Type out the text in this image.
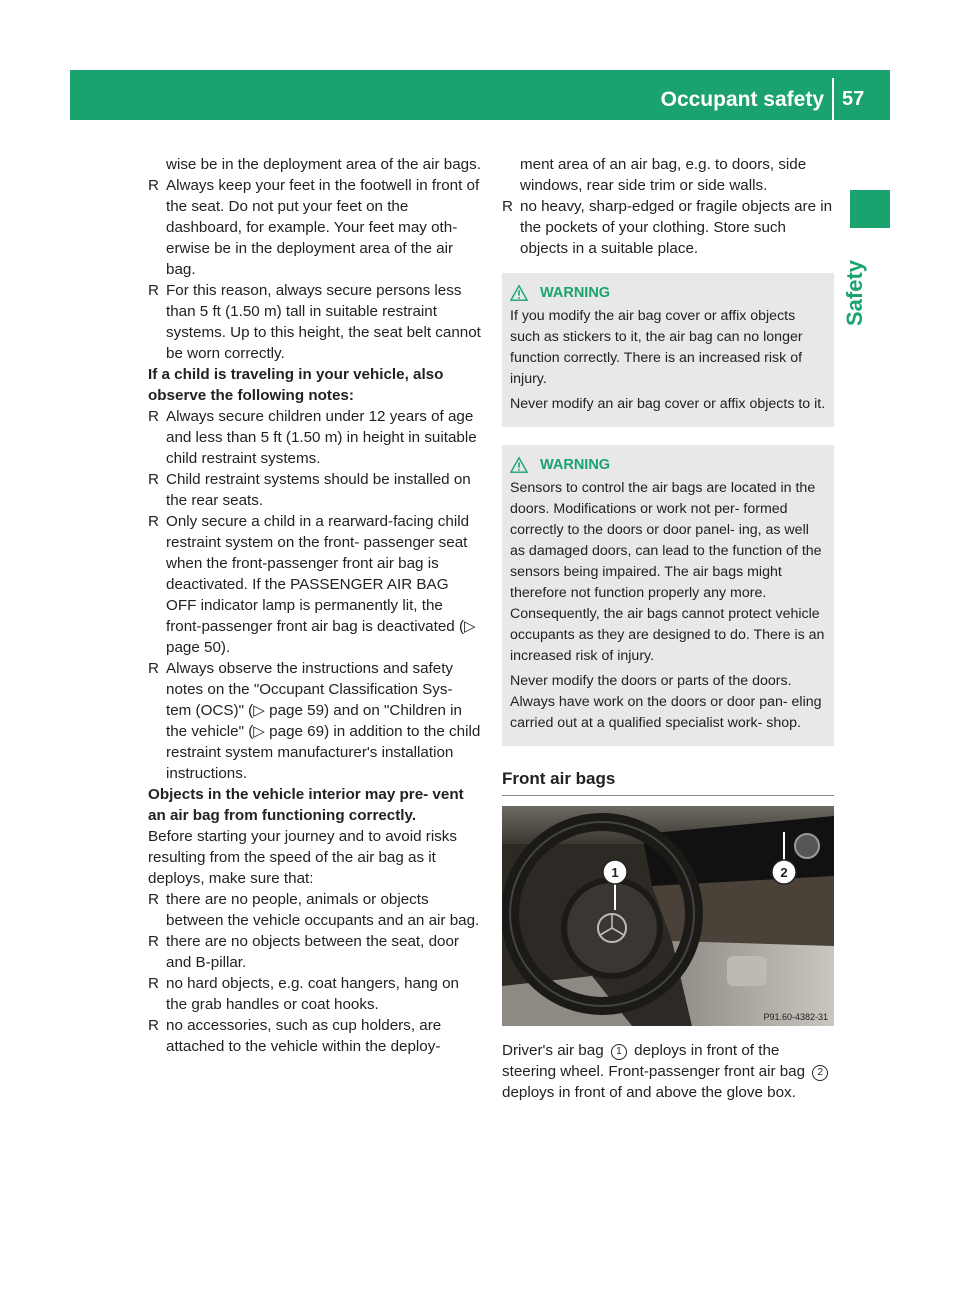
Occupant safety 57
Safety
wise be in the deployment area of the air bags.
R Always keep your feet in the footwell in front of the seat. Do not put your feet on the dashboard, for example. Your feet may oth- erwise be in the deployment area of the air bag.
R For this reason, always secure persons less than 5 ft (1.50 m) tall in suitable restraint systems. Up to this height, the seat belt cannot be worn correctly.
If a child is traveling in your vehicle, also observe the following notes:
R Always secure children under 12 years of age and less than 5 ft (1.50 m) in height in suitable child restraint systems.
R Child restraint systems should be installed on the rear seats.
R Only secure a child in a rearward-facing child restraint system on the front- passenger seat when the front-passenger front air bag is deactivated. If the PASSENGER AIR BAG OFF indicator lamp is permanently lit, the front-passenger front air bag is deactivated (▷ page 50).
R Always observe the instructions and safety notes on the "Occupant Classification Sys- tem (OCS)" (▷ page 59) and on "Children in the vehicle" (▷ page 69) in addition to the child restraint system manufacturer's installation instructions.
Objects in the vehicle interior may pre- vent an air bag from functioning correctly.
Before starting your journey and to avoid risks resulting from the speed of the air bag as it deploys, make sure that:
R there are no people, animals or objects between the vehicle occupants and an air bag.
R there are no objects between the seat, door and B-pillar.
R no hard objects, e.g. coat hangers, hang on the grab handles or coat hooks.
R no accessories, such as cup holders, are attached to the vehicle within the deploy-
ment area of an air bag, e.g. to doors, side windows, rear side trim or side walls.
R no heavy, sharp-edged or fragile objects are in the pockets of your clothing. Store such objects in a suitable place.
WARNING

If you modify the air bag cover or affix objects such as stickers to it, the air bag can no longer function correctly. There is an increased risk of injury.

Never modify an air bag cover or affix objects to it.

WARNING

Sensors to control the air bags are located in the doors. Modifications or work not per- formed correctly to the doors or door panel- ing, as well as damaged doors, can lead to the function of the sensors being impaired. The air bags might therefore not function properly any more. Consequently, the air bags cannot protect vehicle occupants as they are designed to do. There is an increased risk of injury.

Never modify the doors or parts of the doors. Always have work on the doors or door pan- eling carried out at a qualified specialist work- shop.

Front air bags
1	2
P91.60-4382-31
Driver's air bag 1 deploys in front of the steering wheel. Front-passenger front air bag 2 deploys in front of and above the glove box.
